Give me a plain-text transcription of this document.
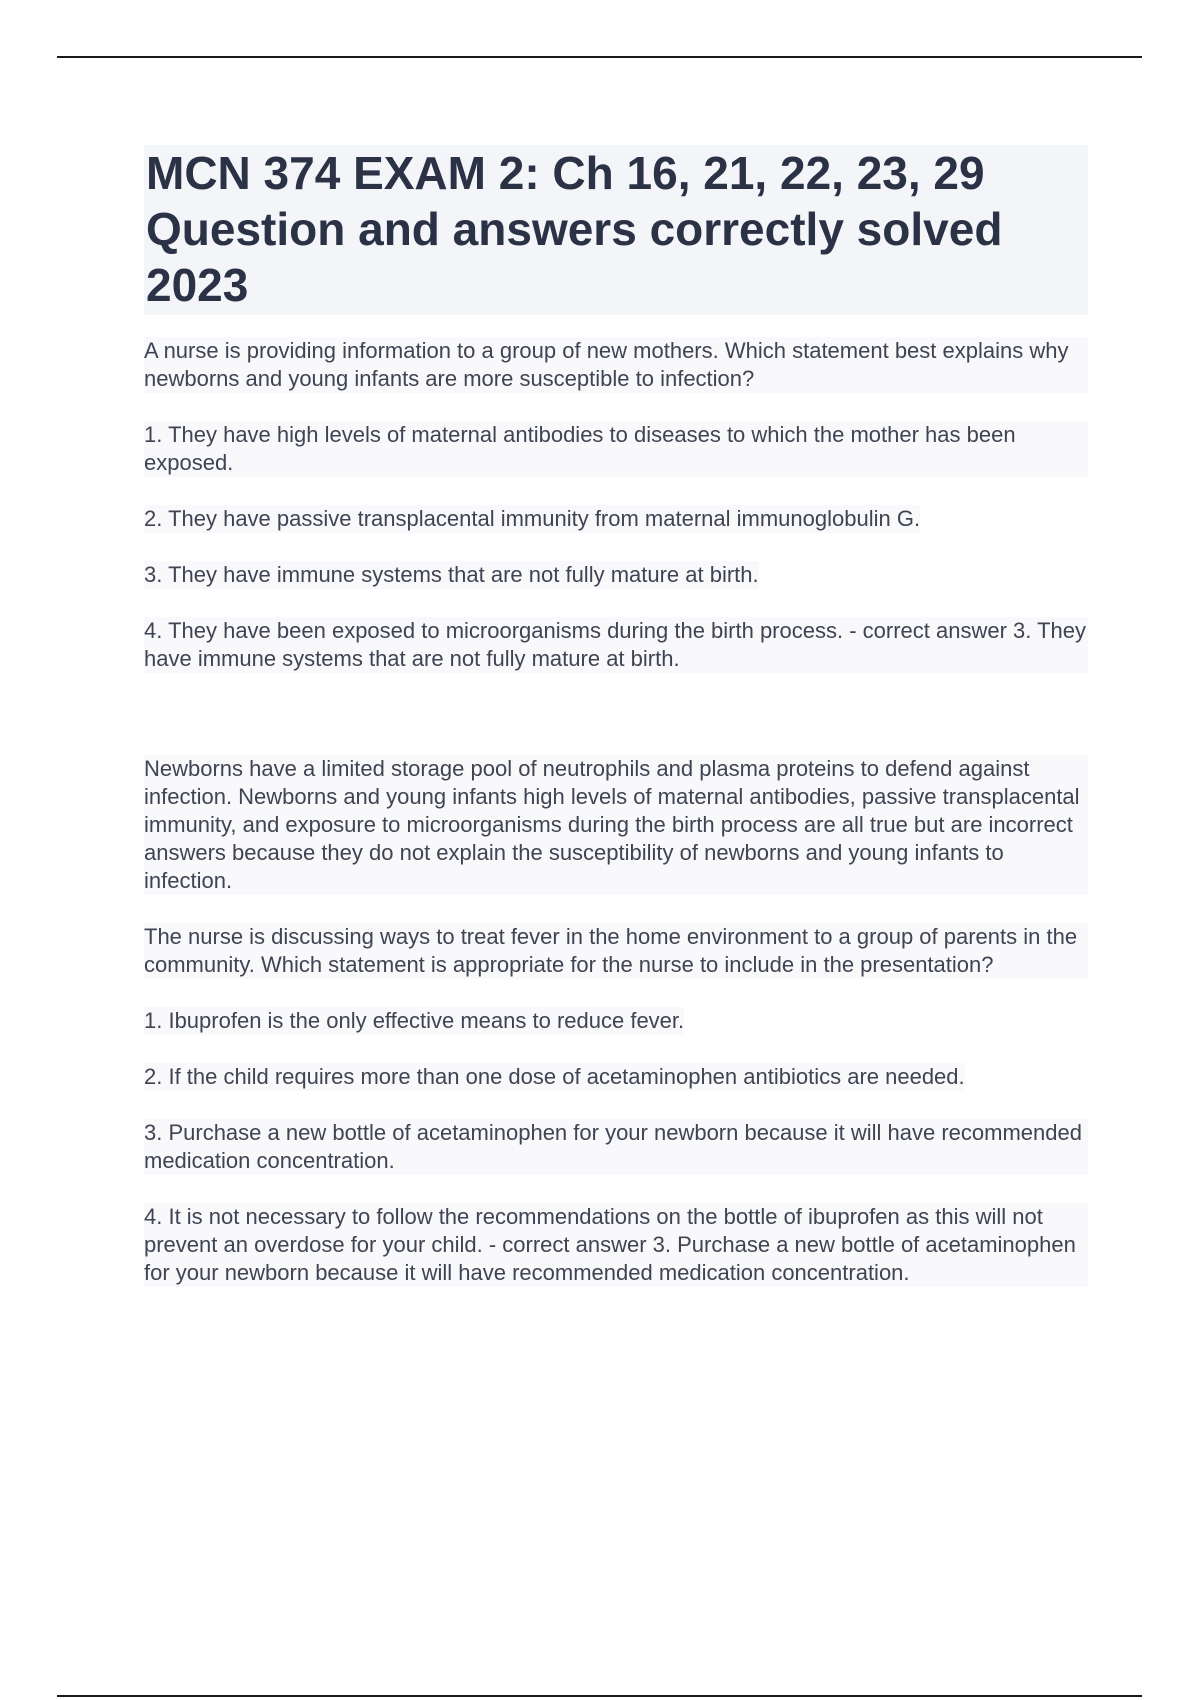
MCN 374 EXAM 2: Ch 16, 21, 22, 23, 29 Question and answers correctly solved 2023

A nurse is providing information to a group of new mothers. Which statement best explains why newborns and young infants are more susceptible to infection?

1. They have high levels of maternal antibodies to diseases to which the mother has been exposed.

2. They have passive transplacental immunity from maternal immunoglobulin G.

3. They have immune systems that are not fully mature at birth.

4. They have been exposed to microorganisms during the birth process. - correct answer 3. They have immune systems that are not fully mature at birth.

Newborns have a limited storage pool of neutrophils and plasma proteins to defend against infection. Newborns and young infants high levels of maternal antibodies, passive transplacental immunity, and exposure to microorganisms during the birth process are all true but are incorrect answers because they do not explain the susceptibility of newborns and young infants to infection.

The nurse is discussing ways to treat fever in the home environment to a group of parents in the community. Which statement is appropriate for the nurse to include in the presentation?

1. Ibuprofen is the only effective means to reduce fever.

2. If the child requires more than one dose of acetaminophen antibiotics are needed.

3. Purchase a new bottle of acetaminophen for your newborn because it will have recommended medication concentration.

4. It is not necessary to follow the recommendations on the bottle of ibuprofen as this will not prevent an overdose for your child. - correct answer 3. Purchase a new bottle of acetaminophen for your newborn because it will have recommended medication concentration.
